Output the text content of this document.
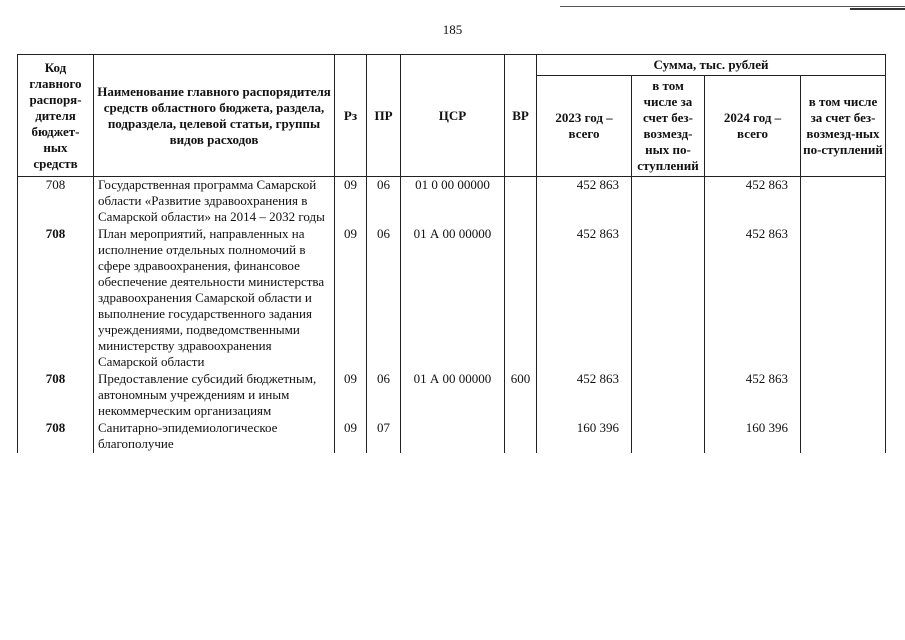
185
Код главного распоря-дителя бюджет-ных средств	Наименование главного распорядителя средств областного бюджета, раздела, подраздела, целевой статьи, группы видов расходов	Рз	ПР	ЦСР	ВР	Сумма, тыс. рублей			
						2023 год – всего	в том числе за счет без-возмезд-ных по-ступлений	2024 год – всего	в том числе за счет без-возмезд-ных по-ступлений
708	Государственная программа Самарской области «Развитие здравоохранения в Самарской области» на 2014 – 2032 годы	09	06	01 0 00 00000		452 863		452 863	
708	План мероприятий, направленных на исполнение отдельных полномочий в сфере здравоохранения, финансовое обеспечение деятельности министерства здравоохранения Самарской области и выполнение государственного задания учреждениями, подведомственными министерству здравоохранения Самарской области	09	06	01 А 00 00000		452 863		452 863	
708	Предоставление субсидий бюджетным, автономным учреждениям и иным некоммерческим организациям	09	06	01 А 00 00000	600	452 863		452 863	
708	Санитарно-эпидемиологическое благополучие	09	07			160 396		160 396	
